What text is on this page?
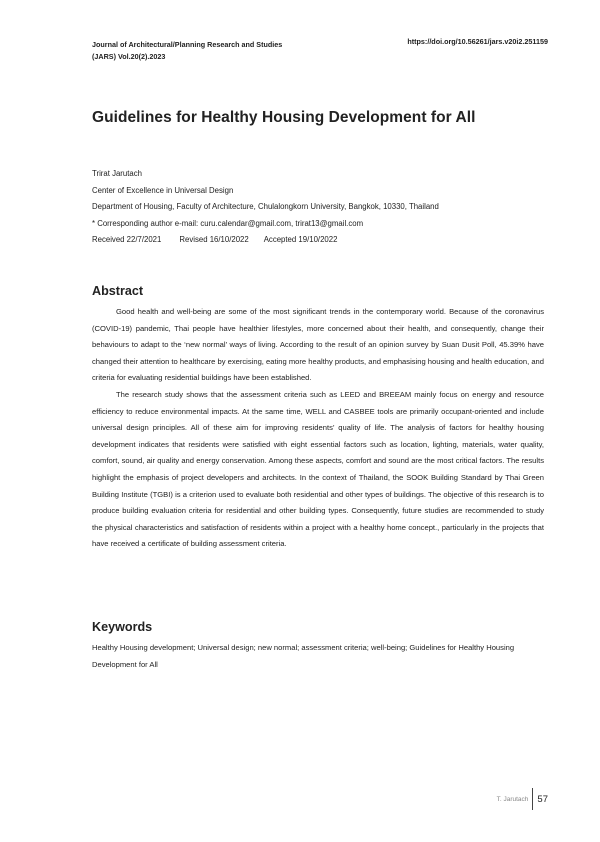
Journal of Architectural/Planning Research and Studies
(JARS) Vol.20(2).2023
https://doi.org/10.56261/jars.v20i2.251159
Guidelines for Healthy Housing Development for All
Trirat Jarutach
Center of Excellence in Universal Design
Department of Housing, Faculty of Architecture, Chulalongkorn University, Bangkok, 10330, Thailand
* Corresponding author e-mail: curu.calendar@gmail.com, trirat13@gmail.com
Received 22/7/2021 Revised 16/10/2022 Accepted 19/10/2022
Abstract

Good health and well-being are some of the most significant trends in the contemporary world. Because of the coronavirus (COVID-19) pandemic, Thai people have healthier lifestyles, more concerned about their health, and consequently, change their behaviours to adapt to the ‘new normal’ ways of living. According to the result of an opinion survey by Suan Dusit Poll, 45.39% have changed their attention to healthcare by exercising, eating more healthy products, and emphasising housing and health education, and criteria for evaluating residential buildings have been established.

The research study shows that the assessment criteria such as LEED and BREEAM mainly focus on energy and resource efficiency to reduce environmental impacts. At the same time, WELL and CASBEE tools are primarily occupant-oriented and include universal design principles. All of these aim for improving residents’ quality of life. The analysis of factors for healthy housing development indicates that residents were satisfied with eight essential factors such as location, lighting, materials, water quality, comfort, sound, air quality and energy conservation. Among these aspects, comfort and sound are the most critical factors. The results highlight the emphasis of project developers and architects. In the context of Thailand, the SOOK Building Standard by Thai Green Building Institute (TGBI) is a criterion used to evaluate both residential and other types of buildings. The objective of this research is to produce building evaluation criteria for residential and other building types. Consequently, future studies are recommended to study the physical characteristics and satisfaction of residents within a project with a healthy home concept., particularly in the projects that have received a certificate of building assessment criteria.

Keywords
Healthy Housing development; Universal design; new normal; assessment criteria; well-being; Guidelines for Healthy Housing Development for All
T. Jarutach 57
